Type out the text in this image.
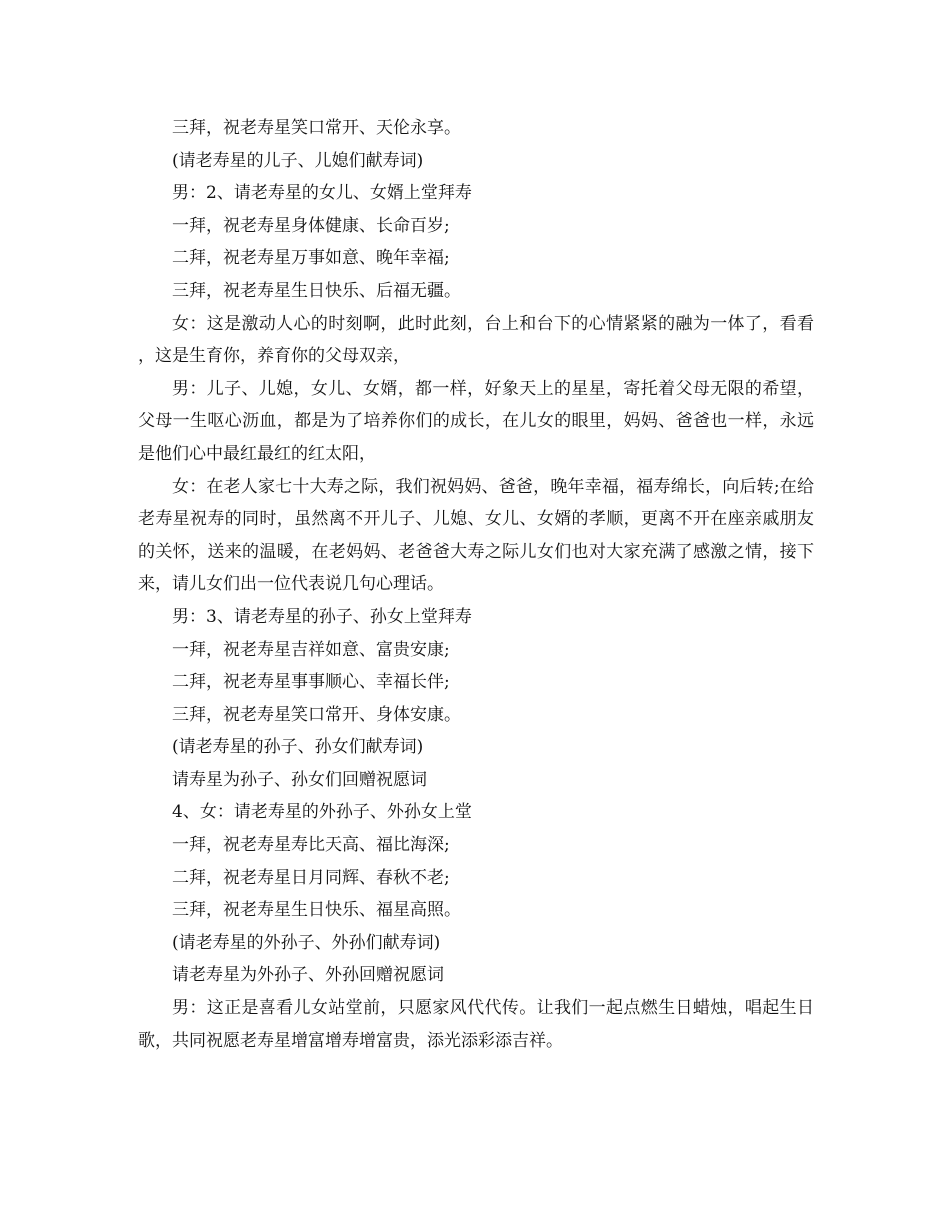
三拜，祝老寿星笑口常开、天伦永享。

(请老寿星的儿子、儿媳们献寿词)

男：2、请老寿星的女儿、女婿上堂拜寿

一拜，祝老寿星身体健康、长命百岁;

二拜，祝老寿星万事如意、晚年幸福;

三拜，祝老寿星生日快乐、后福无疆。

女：这是激动人心的时刻啊，此时此刻，台上和台下的心情紧紧的融为一体了，看看，这是生育你，养育你的父母双亲，

男：儿子、儿媳，女儿、女婿，都一样，好象天上的星星，寄托着父母无限的希望，父母一生呕心沥血，都是为了培养你们的成长，在儿女的眼里，妈妈、爸爸也一样，永远是他们心中最红最红的红太阳，

女：在老人家七十大寿之际，我们祝妈妈、爸爸，晚年幸福，福寿绵长，向后转;在给老寿星祝寿的同时，虽然离不开儿子、儿媳、女儿、女婿的孝顺，更离不开在座亲戚朋友的关怀，送来的温暖，在老妈妈、老爸爸大寿之际儿女们也对大家充满了感激之情，接下来，请儿女们出一位代表说几句心理话。

男：3、请老寿星的孙子、孙女上堂拜寿

一拜，祝老寿星吉祥如意、富贵安康;

二拜，祝老寿星事事顺心、幸福长伴;

三拜，祝老寿星笑口常开、身体安康。

(请老寿星的孙子、孙女们献寿词)

请寿星为孙子、孙女们回赠祝愿词

4、女：请老寿星的外孙子、外孙女上堂

一拜，祝老寿星寿比天高、福比海深;

二拜，祝老寿星日月同辉、春秋不老;

三拜，祝老寿星生日快乐、福星高照。

(请老寿星的外孙子、外孙们献寿词)

请老寿星为外孙子、外孙回赠祝愿词

男：这正是喜看儿女站堂前，只愿家风代代传。让我们一起点燃生日蜡烛，唱起生日歌，共同祝愿老寿星增富增寿增富贵，添光添彩添吉祥。
